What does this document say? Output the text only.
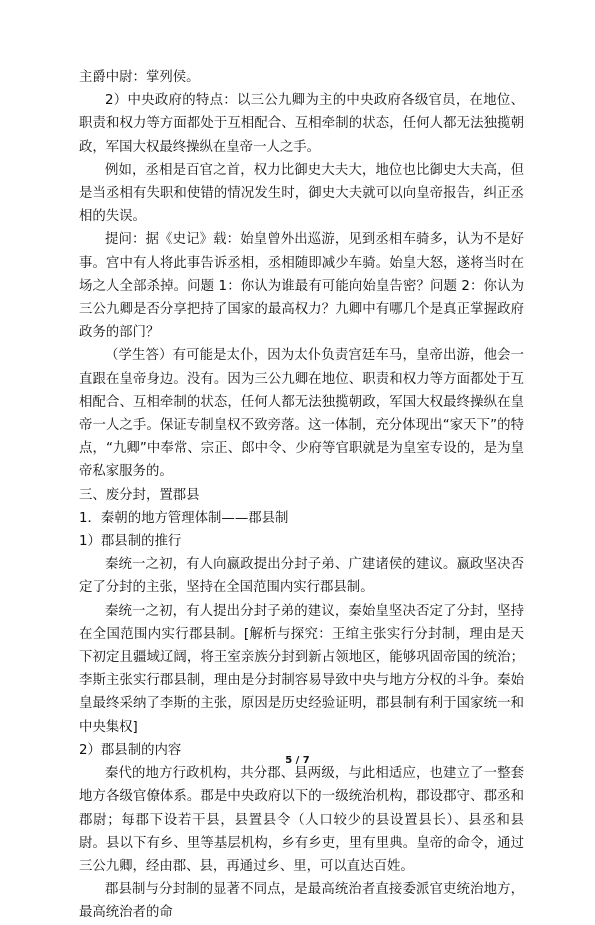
主爵中尉：掌列侯。

2）中央政府的特点：以三公九卿为主的中央政府各级官员，在地位、职责和权力等方面都处于互相配合、互相牵制的状态，任何人都无法独揽朝政，军国大权最终操纵在皇帝一人之手。

例如，丞相是百官之首，权力比御史大夫大，地位也比御史大夫高，但是当丞相有失职和使错的情况发生时，御史大夫就可以向皇帝报告，纠正丞相的失误。

提问：据《史记》载：始皇曾外出巡游，见到丞相车骑多，认为不是好事。宫中有人将此事告诉丞相，丞相随即减少车骑。始皇大怒，遂将当时在场之人全部杀掉。问题 1：你认为谁最有可能向始皇告密？问题 2：你认为三公九卿是否分享把持了国家的最高权力？九卿中有哪几个是真正掌握政府政务的部门？

（学生答）有可能是太仆，因为太仆负责宫廷车马，皇帝出游，他会一直跟在皇帝身边。没有。因为三公九卿在地位、职责和权力等方面都处于互相配合、互相牵制的状态，任何人都无法独揽朝政，军国大权最终操纵在皇帝一人之手。保证专制皇权不致旁落。这一体制，充分体现出“家天下”的特点，“九卿”中奉常、宗正、郎中令、少府等官职就是为皇室专设的，是为皇帝私家服务的。

三、废分封，置郡县

1．秦朝的地方管理体制——郡县制

1）郡县制的推行

秦统一之初，有人向嬴政提出分封子弟、广建诸侯的建议。嬴政坚决否定了分封的主张，坚持在全国范围内实行郡县制。

秦统一之初，有人提出分封子弟的建议，秦始皇坚决否定了分封，坚持在全国范围内实行郡县制。[解析与探究：王绾主张实行分封制，理由是天下初定且疆域辽阔，将王室亲族分封到新占领地区，能够巩固帝国的统治；李斯主张实行郡县制，理由是分封制容易导致中央与地方分权的斗争。秦始皇最终采纳了李斯的主张，原因是历史经验证明，郡县制有利于国家统一和中央集权]

2）郡县制的内容

秦代的地方行政机构，共分郡、县两级，与此相适应，也建立了一整套地方各级官僚体系。郡是中央政府以下的一级统治机构，郡设郡守、郡丞和郡尉；每郡下设若干县，县置县令（人口较少的县设置县长）、县丞和县尉。县以下有乡、里等基层机构，乡有乡吏，里有里典。皇帝的命令，通过三公九卿，经由郡、县，再通过乡、里，可以直达百姓。

郡县制与分封制的显著不同点，是最高统治者直接委派官吏统治地方，最高统治者的命

5 / 7
